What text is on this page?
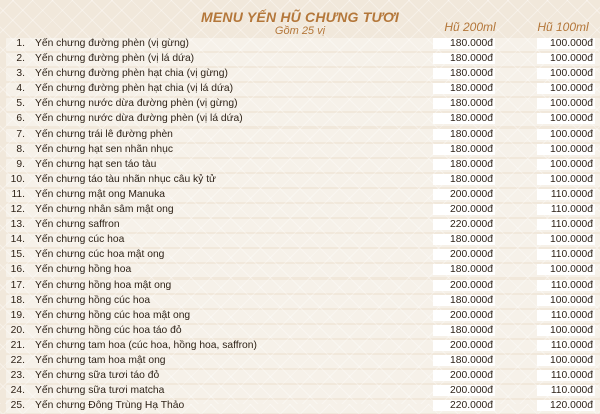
MENU YẾN HŨ CHƯNG TƯƠI
Gồm 25 vị	Hũ 200ml	Hũ 100ml
1. Yến chưng đường phèn (vị gừng)	180.000đ	100.000đ
2. Yến chưng đường phèn (vị lá dứa)	180.000đ	100.000đ
3. Yến chưng đường phèn hạt chia (vị gừng)	180.000đ	100.000đ
4. Yến chưng đường phèn hạt chia (vị lá dứa)	180.000đ	100.000đ
5. Yến chưng nước dừa đường phèn (vị gừng)	180.000đ	100.000đ
6. Yến chưng nước dừa đường phèn (vị lá dứa)	180.000đ	100.000đ
7. Yến chưng trái lê đường phèn	180.000đ	100.000đ
8. Yến chưng hạt sen nhãn nhục	180.000đ	100.000đ
9. Yến chưng hạt sen táo tàu	180.000đ	100.000đ
10. Yến chưng táo tàu nhãn nhục câu kỷ tử	180.000đ	100.000đ
11. Yến chưng mật ong Manuka	200.000đ	110.000đ
12. Yến chưng nhân sâm mật ong	200.000đ	110.000đ
13. Yến chưng saffron	220.000đ	110.000đ
14. Yến chưng cúc hoa	180.000đ	100.000đ
15. Yến chưng cúc hoa mật ong	200.000đ	110.000đ
16. Yến chưng hồng hoa	180.000đ	100.000đ
17. Yến chưng hồng hoa mật ong	200.000đ	110.000đ
18. Yến chưng hồng cúc hoa	180.000đ	100.000đ
19. Yến chưng hồng cúc hoa mật ong	200.000đ	110.000đ
20. Yến chưng hồng cúc hoa táo đỏ	180.000đ	100.000đ
21. Yến chưng tam hoa (cúc hoa, hồng hoa, saffron)	200.000đ	110.000đ
22. Yến chưng tam hoa mật ong	180.000đ	100.000đ
23. Yến chưng sữa tươi táo đỏ	200.000đ	110.000đ
24. Yến chưng sữa tươi matcha	200.000đ	110.000đ
25. Yến chưng Đông Trùng Hạ Thảo	220.000đ	120.000đ
